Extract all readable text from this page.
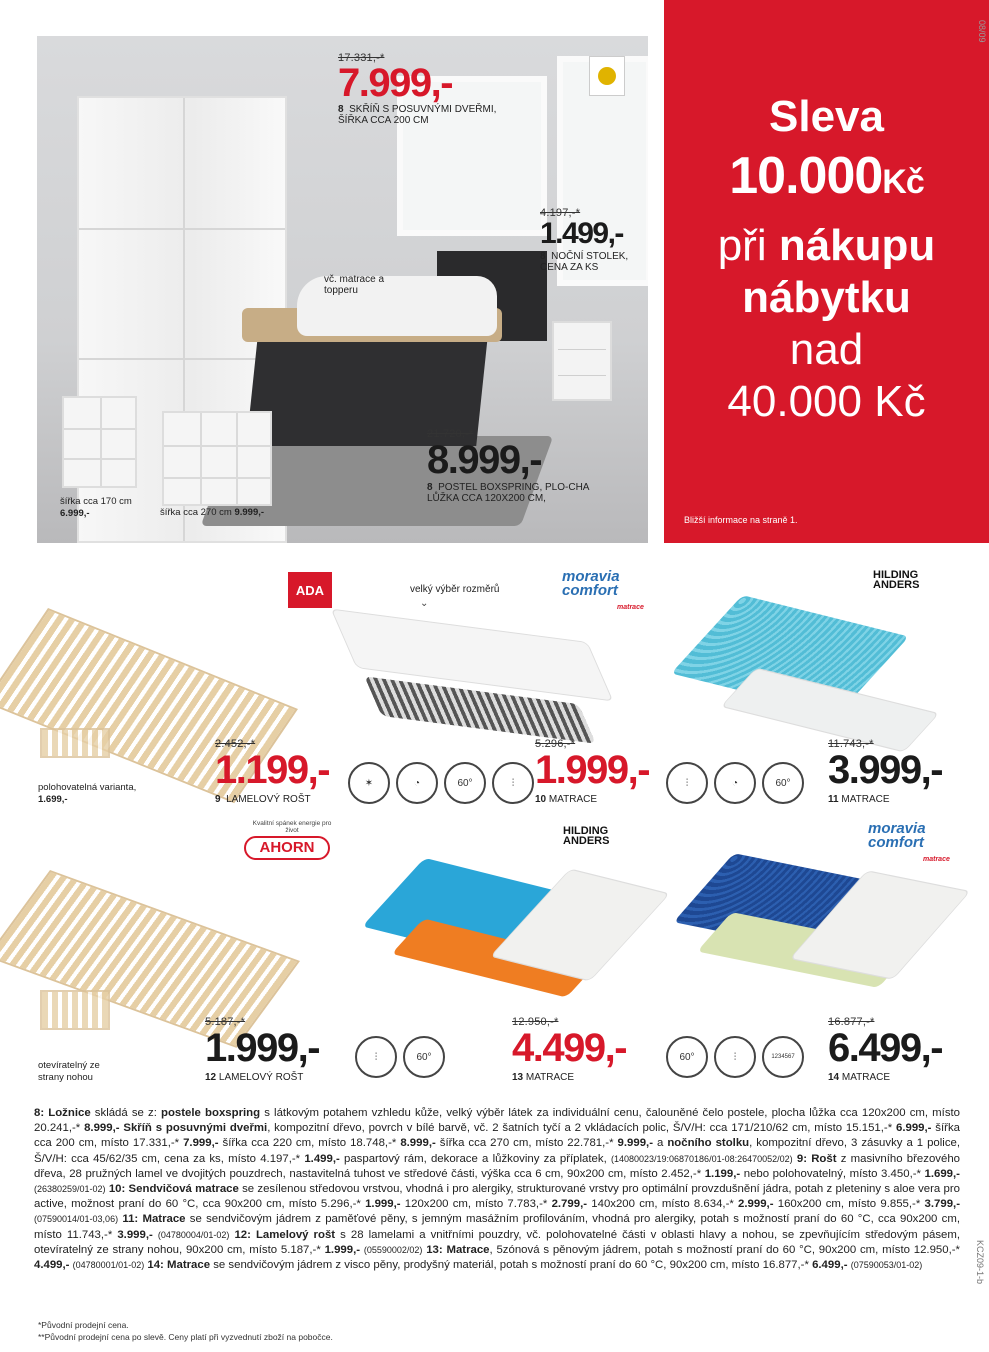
17.331,-*
7.999,-
8 SKŘÍŇ S POSUVNÝMI DVEŘMI, ŠÍŘKA CCA 200 CM
4.197,-*
1.499,-
8 NOČNÍ STOLEK, CENA ZA KS
vč. matrace a topperu
21.720,-*
8.999,-
8 POSTEL BOXSPRING, PLO-CHA LŮŽKA CCA 120X200 CM,
šířka cca 170 cm
6.999,-	šířka cca 270 cm 9.999,-
Sleva
10.000Kč
při nákupu
nábytku
nad
40.000 Kč
Bližší informace na straně 1.
08/09
ADA
polohovatelná varianta, 1.699,-
2.452,-*
1.199,-
9 LAMELOVÝ ROŠT
velký výběr rozměrů
⌄
moravia comfort
matrace
✶	◔	60°	⫶
5.296,-*
1.999,-
10 MATRACE
HILDING ANDERS
⫶	◔	60°
11.743,-*
3.999,-
11 MATRACE
Kvalitní spánek energie pro život
AHORN
otevíratelný ze strany nohou
5.187,-*
1.999,-
12 LAMELOVÝ ROŠT
HILDING ANDERS
⫶	60°
12.950,-*
4.499,-
13 MATRACE
moravia comfort
matrace
60°	⫶	1234567
16.877,-*
6.499,-
14 MATRACE
8: Ložnice skládá se z: postele boxspring s látkovým potahem vzhledu kůže, velký výběr látek za individuální cenu, čalouněné čelo postele, plocha lůžka cca 120x200 cm, místo 20.241,-* 8.999,- Skříň s posuvnými dveřmi, kompozitní dřevo, povrch v bílé barvě, vč. 2 šatních tyčí a 2 vkládacích polic, Š/V/H: cca 171/210/62 cm, místo 15.151,-* 6.999,- šířka cca 200 cm, místo 17.331,-* 7.999,- šířka cca 220 cm, místo 18.748,-* 8.999,- šířka cca 270 cm, místo 22.781,-* 9.999,- a nočního stolku, kompozitní dřevo, 3 zásuvky a 1 police, Š/V/H: cca 45/62/35 cm, cena za ks, místo 4.197,-* 1.499,- paspartový rám, dekorace a lůžkoviny za příplatek, (14080023/19:06870186/01-08:26470052/02) 9: Rošt z masivního březového dřeva, 28 pružných lamel ve dvojitých pouzdrech, nastavitelná tuhost ve středové části, výška cca 6 cm, 90x200 cm, místo 2.452,-* 1.199,- nebo polohovatelný, místo 3.450,-* 1.699,- (26380259/01-02) 10: Sendvičová matrace se zesílenou středovou vrstvou, vhodná i pro alergiky, strukturované vrstvy pro optimální provzdušnění jádra, potah z pleteniny s aloe vera pro active, možnost praní do 60 °C, cca 90x200 cm, místo 5.296,-* 1.999,- 120x200 cm, místo 7.783,-* 2.799,- 140x200 cm, místo 8.634,-* 2.999,- 160x200 cm, místo 9.855,-* 3.799,- (07590014/01-03,06) 11: Matrace se sendvičovým jádrem z paměťové pěny, s jemným masážním profilováním, vhodná pro alergiky, potah s možností praní do 60 °C, cca 90x200 cm, místo 11.743,-* 3.999,- (04780004/01-02) 12: Lamelový rošt s 28 lamelami a vnitřními pouzdry, vč. polohovatelné části v oblasti hlavy a nohou, se zpevňujícím středovým pásem, otevíratelný ze strany nohou, 90x200 cm, místo 5.187,-* 1.999,- (05590002/02) 13: Matrace, 5zónová s pěnovým jádrem, potah s možností praní do 60 °C, 90x200 cm, místo 12.950,-* 4.499,- (04780001/01-02) 14: Matrace se sendvičovým jádrem z visco pěny, prodyšný materiál, potah s možností praní do 60 °C, 90x200 cm, místo 16.877,-* 6.499,- (07590053/01-02)
*Původní prodejní cena.
**Původní prodejní cena po slevě. Ceny platí při vyzvednutí zboží na pobočce.
KCZ09-1-b
